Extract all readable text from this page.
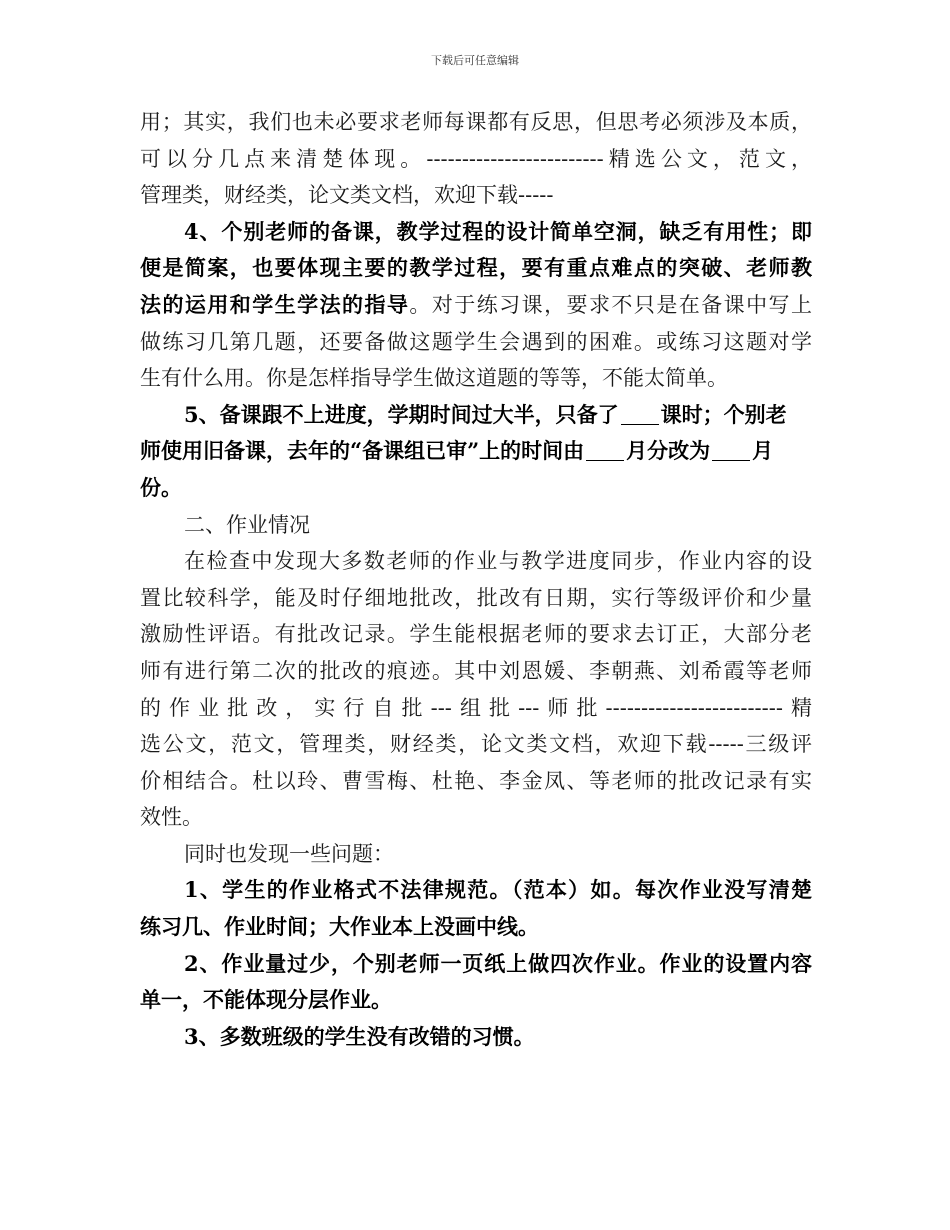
下载后可任意编辑
用；其实，我们也未必要求老师每课都有反思，但思考必须涉及本质，
可以分几点来清楚体现。-------------------------精选公文，范文，
管理类，财经类，论文类文档，欢迎下载-----
4、个别老师的备课，教学过程的设计简单空洞，缺乏有用性；即
便是简案，也要体现主要的教学过程，要有重点难点的突破、老师教
法的运用和学生学法的指导。对于练习课，要求不只是在备课中写上
做练习几第几题，还要备做这题学生会遇到的困难。或练习这题对学
生有什么用。你是怎样指导学生做这道题的等等，不能太简单。
5、备课跟不上进度，学期时间过大半，只备了 课时；个别老
师使用旧备课，去年的“备课组已审”上的时间由 月分改为 月
份。
二、作业情况
在检查中发现大多数老师的作业与教学进度同步，作业内容的设
置比较科学，能及时仔细地批改，批改有日期，实行等级评价和少量
激励性评语。有批改记录。学生能根据老师的要求去订正，大部分老
师有进行第二次的批改的痕迹。其中刘恩媛、李朝燕、刘希霞等老师
的作业批改，实行自批---组批---师批-------------------------精
选公文，范文，管理类，财经类，论文类文档，欢迎下载-----三级评
价相结合。杜以玲、曹雪梅、杜艳、李金凤、等老师的批改记录有实
效性。
同时也发现一些问题：
1、学生的作业格式不法律规范。（范本）如。每次作业没写清楚
练习几、作业时间；大作业本上没画中线。
2、作业量过少，个别老师一页纸上做四次作业。作业的设置内容
单一，不能体现分层作业。
3、多数班级的学生没有改错的习惯。
